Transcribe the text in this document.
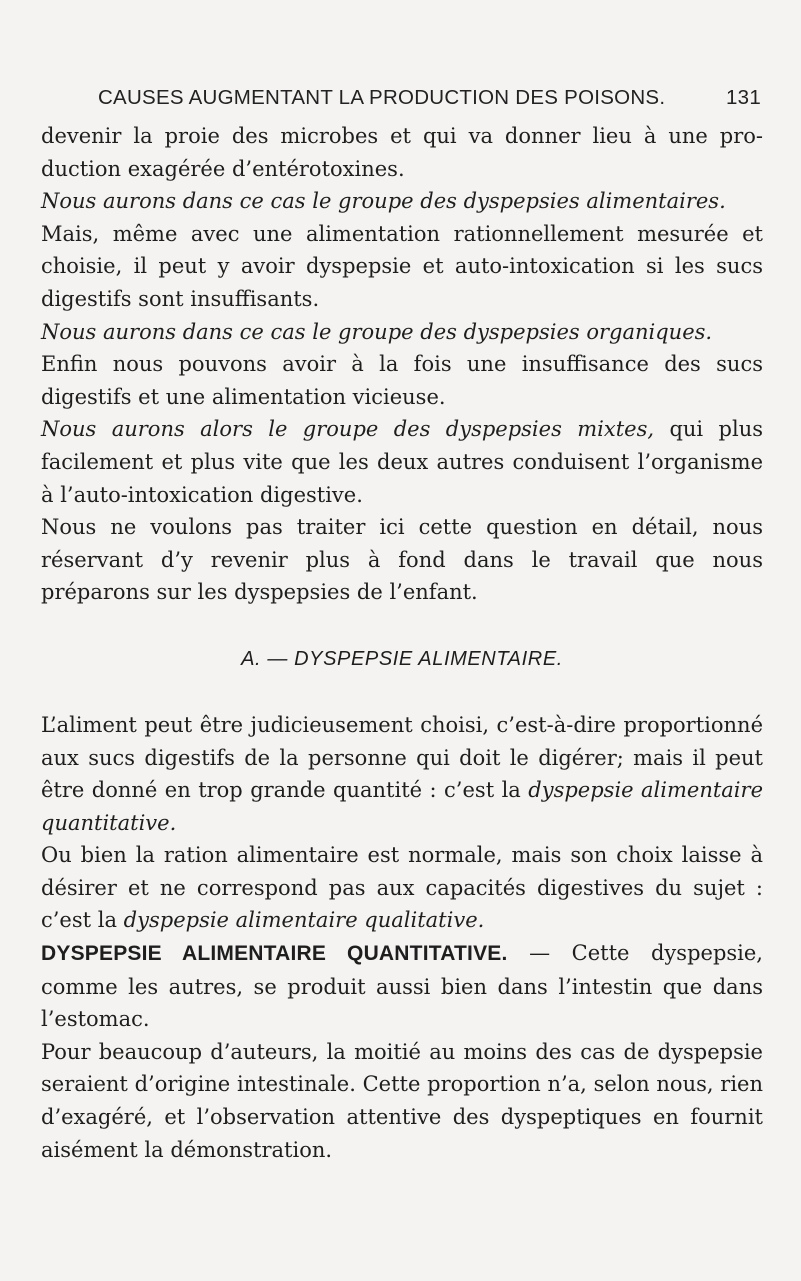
CAUSES AUGMENTANT LA PRODUCTION DES POISONS.	131

devenir la proie des microbes et qui va donner lieu à une production exagérée d’entérotoxines.

Nous aurons dans ce cas le groupe des dyspepsies alimentaires.

Mais, même avec une alimentation rationnellement mesurée et choisie, il peut y avoir dyspepsie et auto-intoxication si les sucs digestifs sont insuffisants.

Nous aurons dans ce cas le groupe des dyspepsies organiques.

Enfin nous pouvons avoir à la fois une insuffisance des sucs digestifs et une alimentation vicieuse.

Nous aurons alors le groupe des dyspepsies mixtes, qui plus facilement et plus vite que les deux autres conduisent l’organisme à l’auto-intoxication digestive.

Nous ne voulons pas traiter ici cette question en détail, nous réservant d’y revenir plus à fond dans le travail que nous préparons sur les dyspepsies de l’enfant.

A. — DYSPEPSIE ALIMENTAIRE.

L’aliment peut être judicieusement choisi, c’est-à-dire proportionné aux sucs digestifs de la personne qui doit le digérer; mais il peut être donné en trop grande quantité : c’est la dyspepsie alimentaire quantitative.

Ou bien la ration alimentaire est normale, mais son choix laisse à désirer et ne correspond pas aux capacités digestives du sujet : c’est la dyspepsie alimentaire qualitative.

DYSPEPSIE ALIMENTAIRE QUANTITATIVE. — Cette dyspepsie, comme les autres, se produit aussi bien dans l’intestin que dans l’estomac.

Pour beaucoup d’auteurs, la moitié au moins des cas de dyspepsie seraient d’origine intestinale. Cette proportion n’a, selon nous, rien d’exagéré, et l’observation attentive des dyspeptiques en fournit aisément la démonstration.
